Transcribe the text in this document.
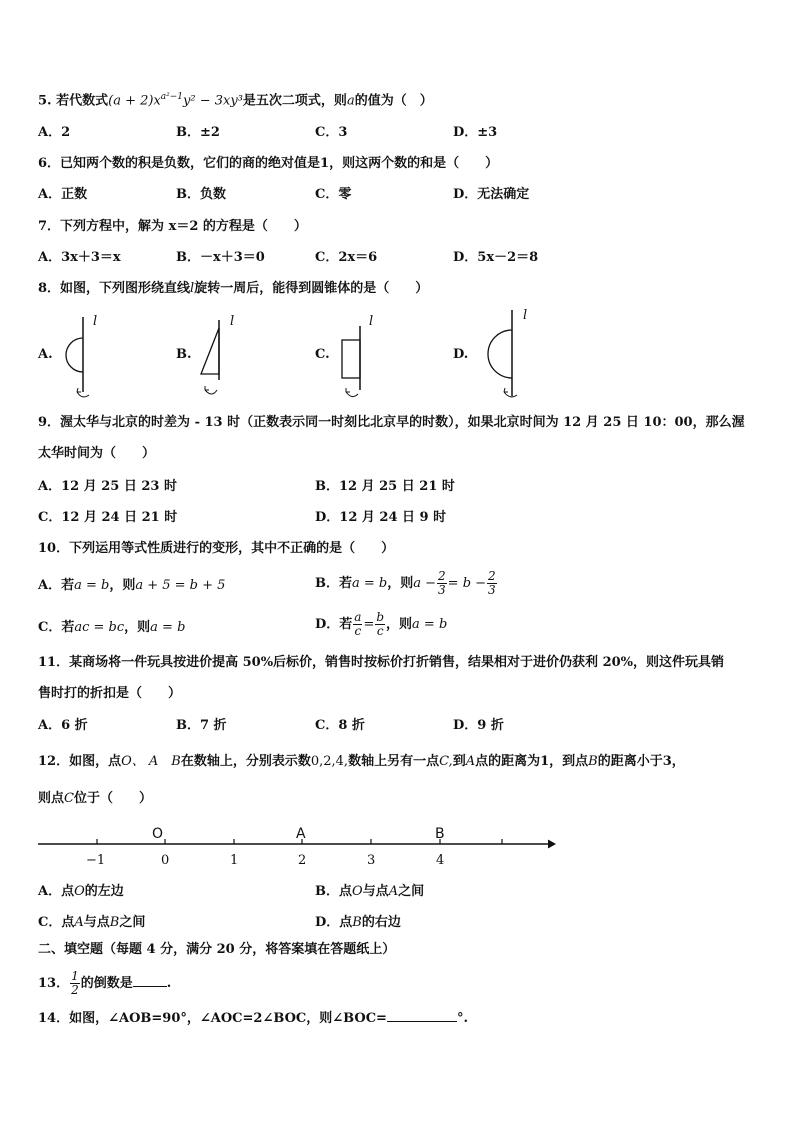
5. 若代数式$(a + 2)x^{a^2-1}y^2 - 3xy^3$是五次二项式，则a的值为（　）
A．2	B．±2	C．3	D．±3
6．已知两个数的积是负数，它们的商的绝对值是1，则这两个数的和是（　　）
A．正数	B．负数	C．零	D．无法确定
7．下列方程中，解为 x＝2 的方程是（　　）
A．3x＋3＝x	B．－x＋3＝0	C．2x＝6	D．5x－2＝8
8．如图，下列图形绕直线l旋转一周后，能得到圆锥体的是（　　）
A.	B.	C.	D.
l	l	l	l
9．渥太华与北京的时差为 - 13 时（正数表示同一时刻比北京早的时数），如果北京时间为 12 月 25 日 10：00，那么渥
太华时间为（　　）
A．12 月 25 日 23 时	B．12 月 25 日 21 时
C．12 月 24 日 21 时	D．12 月 24 日 9 时
10．下列运用等式性质进行的变形，其中不正确的是（　　）
A．若a = b，则a + 5 = b + 5	B．若a = b，则$a - \frac{2}{3} = b - \frac{2}{3}$
C．若ac = bc，则a = b	D．若 $\frac{a}{c} = \frac{b}{c}$ ，则a = b
11．某商场将一件玩具按进价提高 50%后标价，销售时按标价打折销售，结果相对于进价仍获利 20%，则这件玩具销
售时打的折扣是（　　）
A．6 折	B．7 折	C．8 折	D．9 折
12．如图，点O、 A　B在数轴上，分别表示数0,2,4,数轴上另有一点C,到A点的距离为1，到点B的距离小于3，
则点C位于（　　）
O	A	B
−1	0	1	2	3	4
A．点O的左边	B．点O与点A之间
C．点A与点B之间	D．点B的右边
二、填空题（每题 4 分，满分 20 分，将答案填在答题纸上）
13． $\frac{1}{2}$ 的倒数是	.
14．如图，∠AOB=90°，∠AOC=2∠BOC，则∠BOC=	°.
